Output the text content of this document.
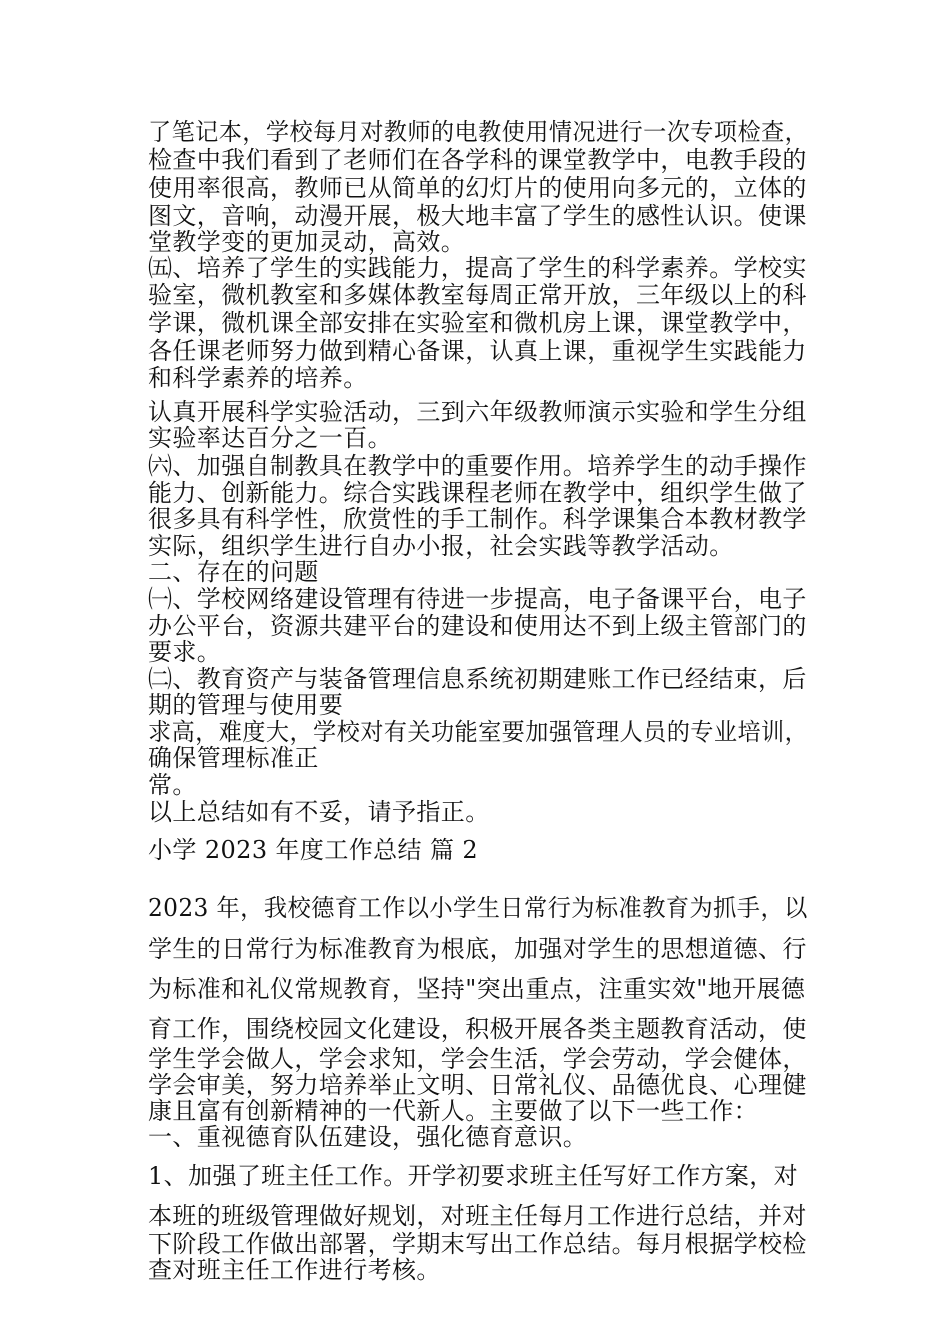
了笔记本，学校每月对教师的电教使用情况进行一次专项检查，
检查中我们看到了老师们在各学科的课堂教学中，电教手段的
使用率很高，教师已从简单的幻灯片的使用向多元的，立体的
图文，音响，动漫开展，极大地丰富了学生的感性认识。使课
堂教学变的更加灵动，高效。
㈤、培养了学生的实践能力，提高了学生的科学素养。学校实
验室，微机教室和多媒体教室每周正常开放，三年级以上的科
学课，微机课全部安排在实验室和微机房上课，课堂教学中，
各任课老师努力做到精心备课，认真上课，重视学生实践能力
和科学素养的培养。
认真开展科学实验活动，三到六年级教师演示实验和学生分组
实验率达百分之一百。
㈥、加强自制教具在教学中的重要作用。培养学生的动手操作
能力、创新能力。综合实践课程老师在教学中，组织学生做了
很多具有科学性，欣赏性的手工制作。科学课集合本教材教学
实际，组织学生进行自办小报，社会实践等教学活动。
二、存在的问题
㈠、学校网络建设管理有待进一步提高，电子备课平台，电子
办公平台，资源共建平台的建设和使用达不到上级主管部门的
要求。
㈡、教育资产与装备管理信息系统初期建账工作已经结束，后
期的管理与使用要
求高，难度大，学校对有关功能室要加强管理人员的专业培训，
确保管理标准正
常。
以上总结如有不妥，请予指正。
小学 2023 年度工作总结 篇 2
2023 年，我校德育工作以小学生日常行为标准教育为抓手，以
学生的日常行为标准教育为根底，加强对学生的思想道德、行
为标准和礼仪常规教育，坚持"突出重点，注重实效"地开展德
育工作，围绕校园文化建设，积极开展各类主题教育活动，使
学生学会做人，学会求知，学会生活，学会劳动，学会健体，
学会审美，努力培养举止文明、日常礼仪、品德优良、心理健
康且富有创新精神的一代新人。主要做了以下一些工作：
一、重视德育队伍建设，强化德育意识。
1、加强了班主任工作。开学初要求班主任写好工作方案，对
本班的班级管理做好规划，对班主任每月工作进行总结，并对
下阶段工作做出部署，学期末写出工作总结。每月根据学校检
查对班主任工作进行考核。
